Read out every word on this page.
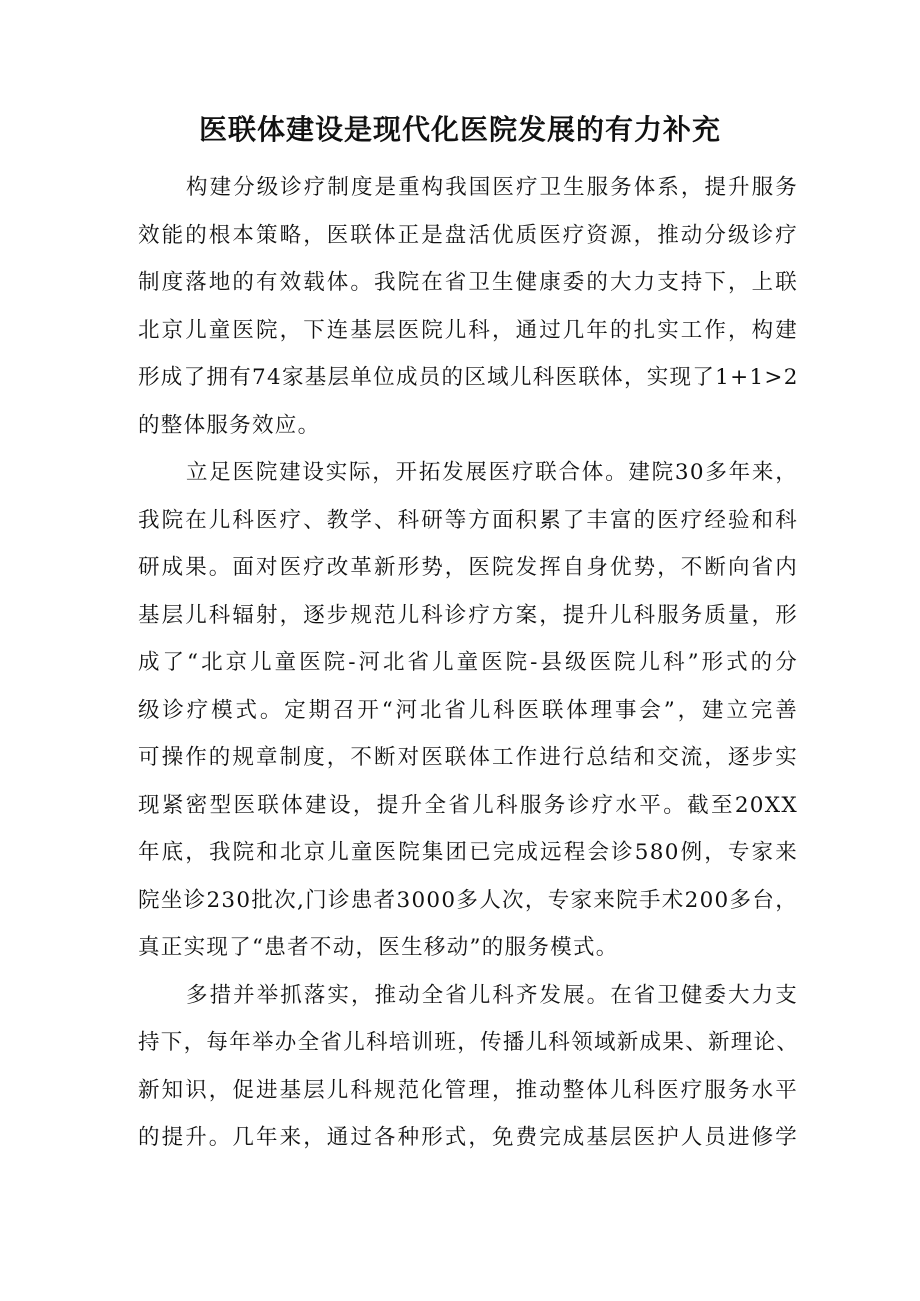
医联体建设是现代化医院发展的有力补充
构建分级诊疗制度是重构我国医疗卫生服务体系，提升服务
效能的根本策略，医联体正是盘活优质医疗资源，推动分级诊疗
制度落地的有效载体。我院在省卫生健康委的大力支持下，上联
北京儿童医院，下连基层医院儿科，通过几年的扎实工作，构建
形成了拥有74家基层单位成员的区域儿科医联体，实现了1+1>2
的整体服务效应。
立足医院建设实际，开拓发展医疗联合体。建院30多年来，
我院在儿科医疗、教学、科研等方面积累了丰富的医疗经验和科
研成果。面对医疗改革新形势，医院发挥自身优势，不断向省内
基层儿科辐射，逐步规范儿科诊疗方案，提升儿科服务质量，形
成了“北京儿童医院-河北省儿童医院-县级医院儿科”形式的分
级诊疗模式。定期召开“河北省儿科医联体理事会”，建立完善
可操作的规章制度，不断对医联体工作进行总结和交流，逐步实
现紧密型医联体建设，提升全省儿科服务诊疗水平。截至20XX
年底，我院和北京儿童医院集团已完成远程会诊580例，专家来
院坐诊230批次,门诊患者3000多人次，专家来院手术200多台，
真正实现了“患者不动，医生移动”的服务模式。
多措并举抓落实，推动全省儿科齐发展。在省卫健委大力支
持下，每年举办全省儿科培训班，传播儿科领域新成果、新理论、
新知识，促进基层儿科规范化管理，推动整体儿科医疗服务水平
的提升。几年来，通过各种形式，免费完成基层医护人员进修学
